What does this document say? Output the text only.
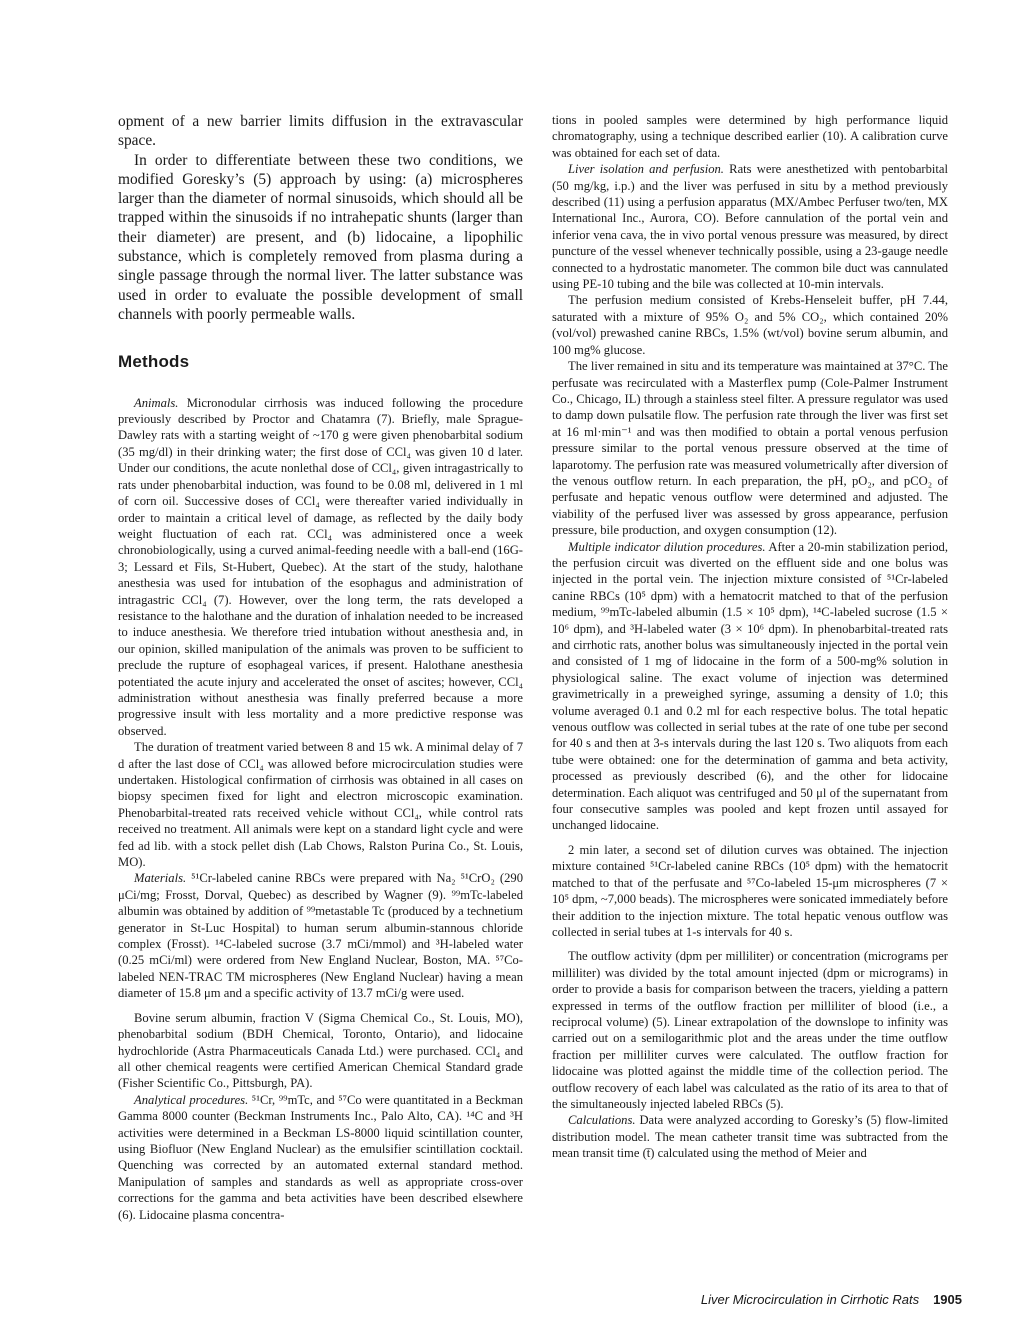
opment of a new barrier limits diffusion in the extravascular space.

In order to differentiate between these two conditions, we modified Goresky’s (5) approach by using: (a) microspheres larger than the diameter of normal sinusoids, which should all be trapped within the sinusoids if no intrahepatic shunts (larger than their diameter) are present, and (b) lidocaine, a lipophilic substance, which is completely removed from plasma during a single passage through the normal liver. The latter substance was used in order to evaluate the possible development of small channels with poorly permeable walls.

Methods

Animals. Micronodular cirrhosis was induced following the procedure previously described by Proctor and Chatamra (7). Briefly, male Sprague-Dawley rats with a starting weight of ~170 g were given phenobarbital sodium (35 mg/dl) in their drinking water; the first dose of CCl₄ was given 10 d later. Under our conditions, the acute nonlethal dose of CCl₄, given intragastrically to rats under phenobarbital induction, was found to be 0.08 ml, delivered in 1 ml of corn oil. Successive doses of CCl₄ were thereafter varied individually in order to maintain a critical level of damage, as reflected by the daily body weight fluctuation of each rat. CCl₄ was administered once a week chronobiologically, using a curved animal-feeding needle with a ball-end (16G-3; Lessard et Fils, St-Hubert, Quebec). At the start of the study, halothane anesthesia was used for intubation of the esophagus and administration of intragastric CCl₄ (7). However, over the long term, the rats developed a resistance to the halothane and the duration of inhalation needed to be increased to induce anesthesia. We therefore tried intubation without anesthesia and, in our opinion, skilled manipulation of the animals was proven to be sufficient to preclude the rupture of esophageal varices, if present. Halothane anesthesia potentiated the acute injury and accelerated the onset of ascites; however, CCl₄ administration without anesthesia was finally preferred because a more progressive insult with less mortality and a more predictive response was observed.

The duration of treatment varied between 8 and 15 wk. A minimal delay of 7 d after the last dose of CCl₄ was allowed before microcirculation studies were undertaken. Histological confirmation of cirrhosis was obtained in all cases on biopsy specimen fixed for light and electron microscopic examination. Phenobarbital-treated rats received vehicle without CCl₄, while control rats received no treatment. All animals were kept on a standard light cycle and were fed ad lib. with a stock pellet dish (Lab Chows, Ralston Purina Co., St. Louis, MO).

Materials. ⁵¹Cr-labeled canine RBCs were prepared with Na₂ ⁵¹CrO₂ (290 μCi/mg; Frosst, Dorval, Quebec) as described by Wagner (9). ⁹⁹mTc-labeled albumin was obtained by addition of ⁹⁹metastable Tc (produced by a technetium generator in St-Luc Hospital) to human serum albumin-stannous chloride complex (Frosst). ¹⁴C-labeled sucrose (3.7 mCi/mmol) and ³H-labeled water (0.25 mCi/ml) were ordered from New England Nuclear, Boston, MA. ⁵⁷Co-labeled NEN-TRAC TM microspheres (New England Nuclear) having a mean diameter of 15.8 μm and a specific activity of 13.7 mCi/g were used.

Bovine serum albumin, fraction V (Sigma Chemical Co., St. Louis, MO), phenobarbital sodium (BDH Chemical, Toronto, Ontario), and lidocaine hydrochloride (Astra Pharmaceuticals Canada Ltd.) were purchased. CCl₄ and all other chemical reagents were certified American Chemical Standard grade (Fisher Scientific Co., Pittsburgh, PA).

Analytical procedures. ⁵¹Cr, ⁹⁹mTc, and ⁵⁷Co were quantitated in a Beckman Gamma 8000 counter (Beckman Instruments Inc., Palo Alto, CA). ¹⁴C and ³H activities were determined in a Beckman LS-8000 liquid scintillation counter, using Biofluor (New England Nuclear) as the emulsifier scintillation cocktail. Quenching was corrected by an automated external standard method. Manipulation of samples and standards as well as appropriate cross-over corrections for the gamma and beta activities have been described elsewhere (6). Lidocaine plasma concentra-

tions in pooled samples were determined by high performance liquid chromatography, using a technique described earlier (10). A calibration curve was obtained for each set of data.

Liver isolation and perfusion. Rats were anesthetized with pentobarbital (50 mg/kg, i.p.) and the liver was perfused in situ by a method previously described (11) using a perfusion apparatus (MX/Ambec Perfuser two/ten, MX International Inc., Aurora, CO). Before cannulation of the portal vein and inferior vena cava, the in vivo portal venous pressure was measured, by direct puncture of the vessel whenever technically possible, using a 23-gauge needle connected to a hydrostatic manometer. The common bile duct was cannulated using PE-10 tubing and the bile was collected at 10-min intervals.

The perfusion medium consisted of Krebs-Henseleit buffer, pH 7.44, saturated with a mixture of 95% O₂ and 5% CO₂, which contained 20% (vol/vol) prewashed canine RBCs, 1.5% (wt/vol) bovine serum albumin, and 100 mg% glucose.

The liver remained in situ and its temperature was maintained at 37°C. The perfusate was recirculated with a Masterflex pump (Cole-Palmer Instrument Co., Chicago, IL) through a stainless steel filter. A pressure regulator was used to damp down pulsatile flow. The perfusion rate through the liver was first set at 16 ml·min⁻¹ and was then modified to obtain a portal venous perfusion pressure similar to the portal venous pressure observed at the time of laparotomy. The perfusion rate was measured volumetrically after diversion of the venous outflow return. In each preparation, the pH, pO₂, and pCO₂ of perfusate and hepatic venous outflow were determined and adjusted. The viability of the perfused liver was assessed by gross appearance, perfusion pressure, bile production, and oxygen consumption (12).

Multiple indicator dilution procedures. After a 20-min stabilization period, the perfusion circuit was diverted on the effluent side and one bolus was injected in the portal vein. The injection mixture consisted of ⁵¹Cr-labeled canine RBCs (10⁵ dpm) with a hematocrit matched to that of the perfusion medium, ⁹⁹mTc-labeled albumin (1.5 × 10⁵ dpm), ¹⁴C-labeled sucrose (1.5 × 10⁶ dpm), and ³H-labeled water (3 × 10⁶ dpm). In phenobarbital-treated rats and cirrhotic rats, another bolus was simultaneously injected in the portal vein and consisted of 1 mg of lidocaine in the form of a 500-mg% solution in physiological saline. The exact volume of injection was determined gravimetrically in a preweighed syringe, assuming a density of 1.0; this volume averaged 0.1 and 0.2 ml for each respective bolus. The total hepatic venous outflow was collected in serial tubes at the rate of one tube per second for 40 s and then at 3-s intervals during the last 120 s. Two aliquots from each tube were obtained: one for the determination of gamma and beta activity, processed as previously described (6), and the other for lidocaine determination. Each aliquot was centrifuged and 50 μl of the supernatant from four consecutive samples was pooled and kept frozen until assayed for unchanged lidocaine.

2 min later, a second set of dilution curves was obtained. The injection mixture contained ⁵¹Cr-labeled canine RBCs (10⁵ dpm) with the hematocrit matched to that of the perfusate and ⁵⁷Co-labeled 15-μm microspheres (7 × 10⁵ dpm, ~7,000 beads). The microspheres were sonicated immediately before their addition to the injection mixture. The total hepatic venous outflow was collected in serial tubes at 1-s intervals for 40 s.

The outflow activity (dpm per milliliter) or concentration (micrograms per milliliter) was divided by the total amount injected (dpm or micrograms) in order to provide a basis for comparison between the tracers, yielding a pattern expressed in terms of the outflow fraction per milliliter of blood (i.e., a reciprocal volume) (5). Linear extrapolation of the downslope to infinity was carried out on a semilogarithmic plot and the areas under the time outflow fraction per milliliter curves were calculated. The outflow fraction for lidocaine was plotted against the middle time of the collection period. The outflow recovery of each label was calculated as the ratio of its area to that of the simultaneously injected labeled RBCs (5).

Calculations. Data were analyzed according to Goresky’s (5) flow-limited distribution model. The mean catheter transit time was subtracted from the mean transit time (t̄) calculated using the method of Meier and

Liver Microcirculation in Cirrhotic Rats 1905
